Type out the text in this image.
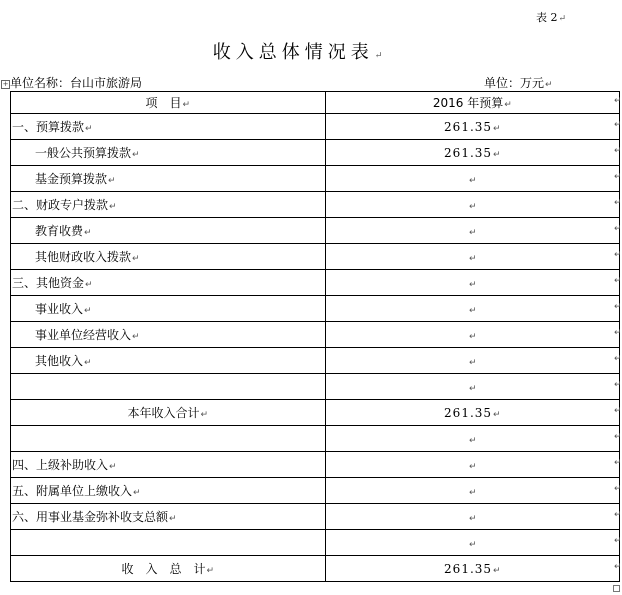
表 2↵
收入总体情况表↵
+ 单位名称：台山市旅游局	单位：万元↵
项　目↵	2016 年预算↵
一、预算拨款↵	261.35↵
一般公共预算拨款↵	261.35↵
基金预算拨款↵	↵
二、财政专户拨款↵	↵
教育收费↵	↵
其他财政收入拨款↵	↵
三、其他资金↵	↵
事业收入↵	↵
事业单位经营收入↵	↵
其他收入↵	↵
	↵
本年收入合计↵	261.35↵
	↵
四、上级补助收入↵	↵
五、附属单位上缴收入↵	↵
六、用事业基金弥补收支总额↵	↵
	↵
收　入　总　计↵	261.35↵
↵
↵
↵
↵
↵
↵
↵
↵
↵
↵
↵
↵
↵
↵
↵
↵
↵
↵
↵
